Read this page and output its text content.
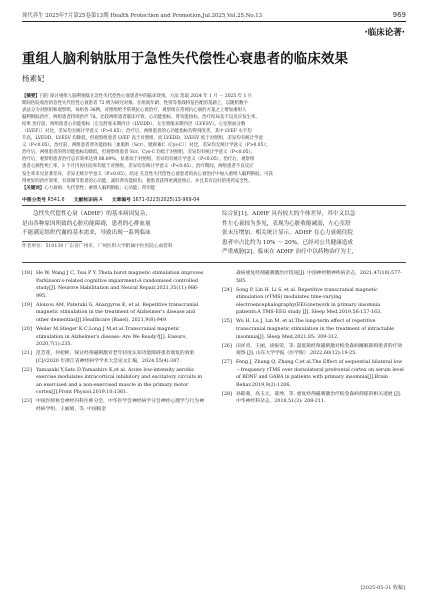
现代养生 2025年7月第25卷第13期 Health Protection and Promotion,Jul.2025,Vol.25,No.13	969
·临床论著·
重组人脑利钠肽用于急性失代偿性心衰患者的临床效果
杨素妃
【摘要】目的 探讨重组人脑利钠肽在急性失代偿性心衰患者中的临床效果。方法 选取 2024 年 1 月 － 2025 年 1 月
期间医院收治的急性失代偿性心衰患者 72 例为研究对象。在组间年龄、性别等基线特征匹配的基础上，以随机数字
表法分为对照组和观察组，每组各 36例。对照组给予常规抗心衰治疗，观察组在常规抗心衰的方案之上增加重组人
脑利钠肽治疗，两组患者持续治疗 7d。比较两组患者临床疗效、心功能指标、肾功能指标，治疗结局及不良反应发生率。
结果 治疗前，两组患者心功能指标［左室舒张末期内径（LVEDD）、左室收缩末期内径（LVESV）、心室射血分数
（LVEF）］对比，差异均无统计学意义（P>0.05）；治疗后，两组患者的心功能指标均得到改善，其中 LVEF 水平均
升高，LVEDD、LVESV 均降低，但观察组患者 LVEF 高于对照组，而 LVEDD、LVESV 低于对照组，差异均有统计学意
义（P<0.05）。治疗前，两组患者肾功能指标［血肌酐（Scr）、胱抑素C（Cys-C）］对比，差异均无统计学意义（P>0.05）；
治疗后，两组患者的肾功能指标均降低，但观察组患者 Scr、Cys-C 均低于对照组，差异均有统计学意义（P<0.05）。
治疗后，观察组患者治疗总有效率达到 88.89%，显著高于对照组，差异均有统计学意义（P<0.05）。治疗后，观察组
患者心源性死亡率、3 个月内再住院率均低于对照组，差异均有统计学意义（P<0.05）。治疗期间，两组患者不良反应
发生率未见显著差异，差异无统计学意义（P>0.05）。结论 在急性失代偿性心衰患者的抗心衰治疗中加入重组人脑利钠肽，可获
得更好的治疗效果，有效调节患者的心功能，减轻肾功能损伤，使患者获得更满意预后，并且其有良好的用药安全性。
【关键词】心力衰竭；失代偿性；重组人脑利钠肽；心功能；肾功能
中图分类号 R541.6 文献标识码 A 文章编号 1671-0223(2025)13-969-04
急性失代偿性心衰（ADHF）的基本病因复杂，
是由各种原因所致的心脏功能障碍，患者的心排血量
不能满足组织代谢的基本需求，导致出现一系列临床
综合征[1]。ADHF 具有较大的个体差异，其中又以急
性左心衰较为多见，表现为心脏收缩减弱，左心室舒
张末压增加。相关统计显示，ADHF 在心力衰竭住院
患者中占比约为 10% ～ 20%，已经对公共健康造成
严重威胁[2]。临床在 ADHF 治疗中以药物治疗为主，
作者单位：510130 广东省广州市，广州医科大学附属中医医院心血管科
[18] He W, Wang J C, Tsai P Y. Theta burst magnetic stimulation improves Parkinson's-related cognitive impairment:A randomised controlled study[J]. Neurore Habilitation and Neural Repair,2021,35(11):986-995.
[19] Aloizou AM, Pateraki G, Anargyros K, et al. Repetitive transcranial magnetic stimulation in the treatment of Alzheimer's disease and other dementias[J].Healthcare (Basel), 2021,9(8):949.
[20] Weiler M,Stieger K C,Long J M,et al.Transcranial magnetic stimulation in Alzheimer's disease: Are We Ready?[J]. Eneuro, 2020,7(1):235.
[21] 范芳莲，何松彬，探讨经颅磁刺激对老年轻度认知功能障碍患者康复的效果[C]//2020 年浙江省神经病学学术大会论文汇编，2024,55(4):387.
[22] Yamazaki Y,Sato D,Yamashiro K,et al. Acute low-intensity aerobic exercise modulates intracortical inhibitory and excitatory circuits in an exercised and a non-exercised muscle in the primary motor cortex[J].Front Physiol,2019,10:1361.
[23] 中国医师协会神经内科医师分会，中华医学会神经病学分会神经心理学与行为神经病学组，王丽娟，等. 中国帕金
森病重复经颅磁刺激治疗指南[J]. 中国神经精神疾病杂志，2021,47(10):577-585.
[24] Song P, Lin H, Li S, et al. Repetitive transcranial magnetic stimulation (rTMS) modulates time-varying electroencephalography(EEG)network in primary insomnia patients:A TMS-EEG study [J]. Sleep Med,2019,56:157-163.
[25] Wu H, Lu J, Lin M, et al.The long-term effect of repetitive transcranial magnetic stimulation in the treatment of intractable insomnia[J]. Sleep Med,2021,85: 309-312.
[26] 田祥青，王丽，徐振荣，等. 超低频经颅磁刺激对帕金森病睡眠障碍患者的疗效观察 [J]. 山东大学学报（医学版）,2022,60(12):19-25.
[27] Feng J, Zhang Q, Zhang C,et al.The Effect of sequential bilateral low－frequency rTMS over dorsolateral prefrontal cortex on serum level of BDNF and GABA in patients with primary insomnia[J].Brain Behav,2019,9(2):1206.
[28] 孙联蒙，高玉元，聂坤，等. 重复经颅磁刺激治疗帕金森病抑郁的相关进展 [J]. 中华神经科杂志，2018,51(3): 208-211.
[2025-05-31 收稿]
